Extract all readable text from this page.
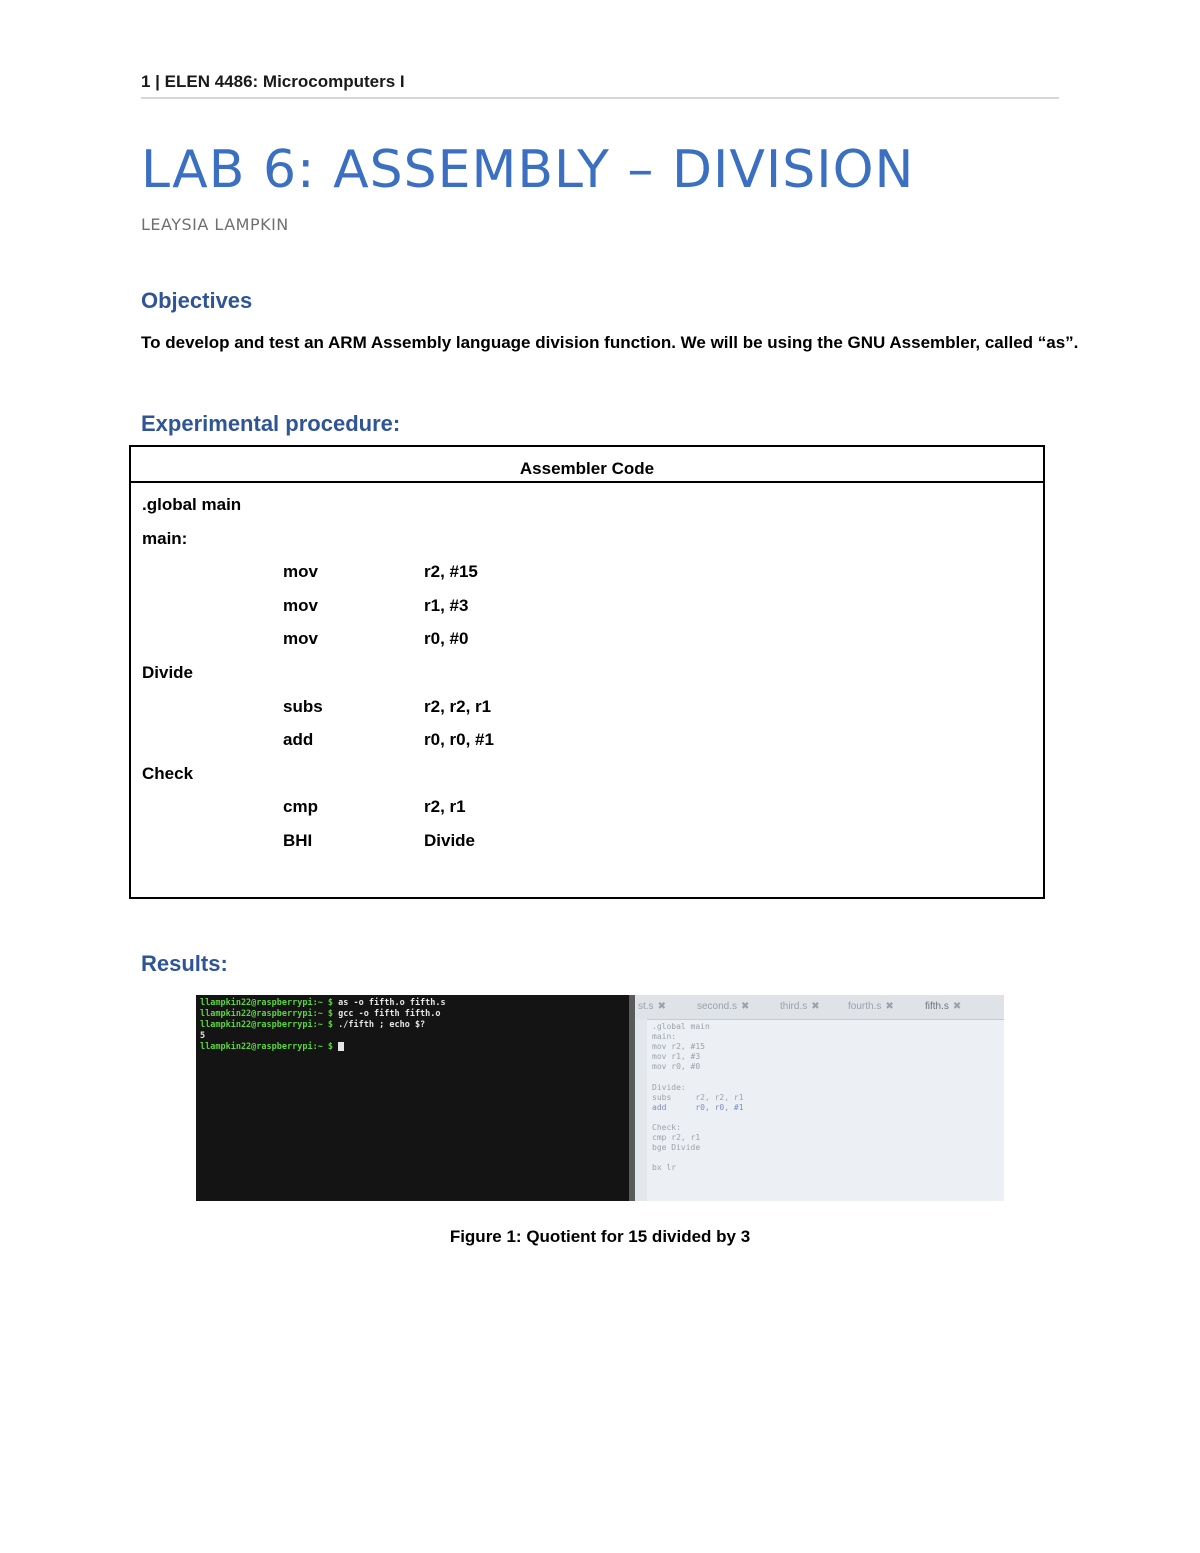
1 | ELEN 4486: Microcomputers I
LAB 6: ASSEMBLY – DIVISION
LEAYSIA LAMPKIN
Objectives
To develop and test an ARM Assembly language division function. We will be using the GNU Assembler, called “as”.
Experimental procedure:
Assembler Code
.global main
main:
mov	r2, #15
mov	r1, #3
mov	r0, #0
Divide
subs	r2, r2, r1
add	r0, r0, #1
Check
cmp	r2, r1
BHI	Divide
Results:
llampkin22@raspberrypi:~ $ as -o fifth.o fifth.s
llampkin22@raspberrypi:~ $ gcc -o fifth fifth.o
llampkin22@raspberrypi:~ $ ./fifth ; echo $?
5
llampkin22@raspberrypi:~ $
st.s ✖	second.s ✖	third.s ✖	fourth.s ✖	fifth.s ✖
.global main
main:
mov r2, #15
mov r1, #3
mov r0, #0
Divide:
subs     r2, r2, r1
add      r0, r0, #1
Check:
cmp r2, r1
bge Divide
bx lr
Figure 1: Quotient for 15 divided by 3
